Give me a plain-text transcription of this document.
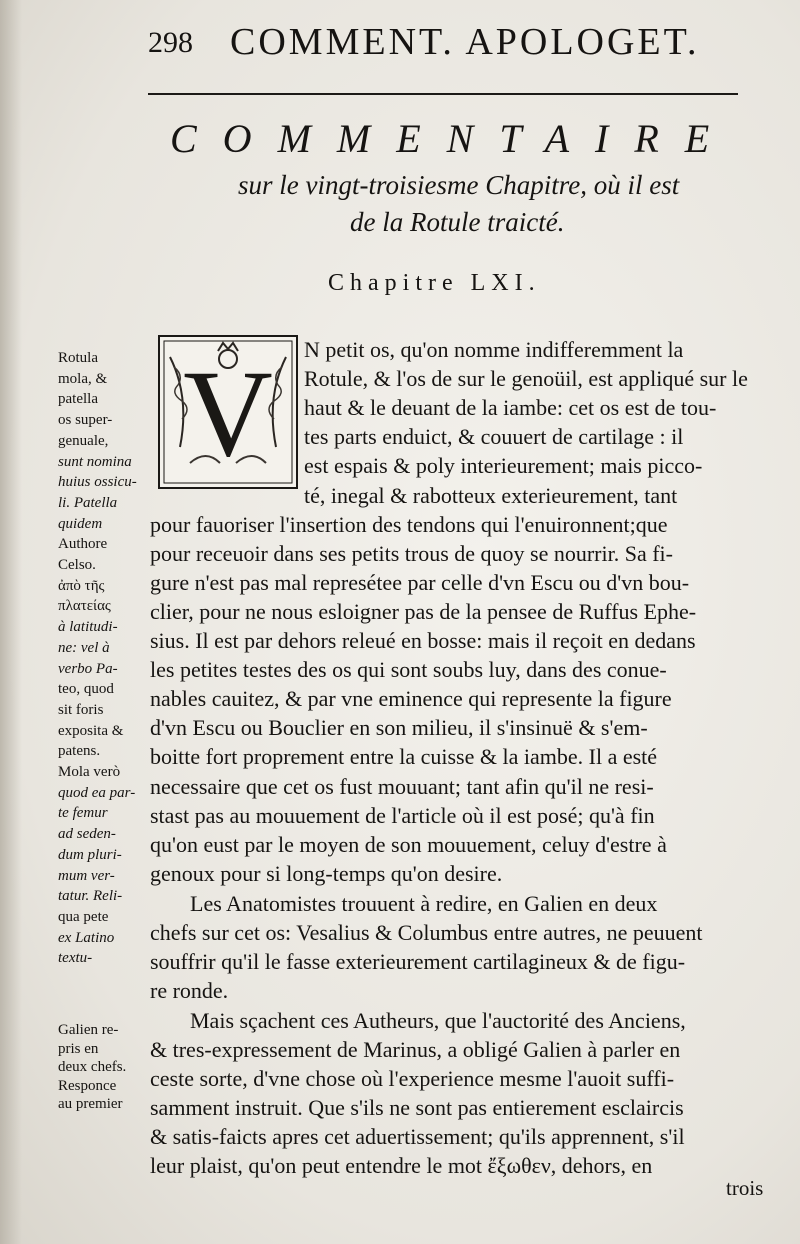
298 COMMENT. APOLOGET.
COMMENTAIRE
sur le vingt-troisiesme Chapitre, où il est
de la Rotule traicté.
Chapitre LXI.
V N petit os, qu'on nomme indifferemment la
Rotule, & l'os de sur le genoüil, est appliqué sur le
haut & le deuant de la iambe: cet os est de tou-
tes parts enduict, & couuert de cartilage : il
est espais & poly interieurement; mais picco-
té, inegal & rabotteux exterieurement, tant
pour fauoriser l'insertion des tendons qui l'enuironnent;que
pour receuoir dans ses petits trous de quoy se nourrir. Sa fi-
gure n'est pas mal represétee par celle d'vn Escu ou d'vn bou-
clier, pour ne nous esloigner pas de la pensee de Ruffus Ephe-
sius. Il est par dehors releué en bosse: mais il reçoit en dedans
les petites testes des os qui sont soubs luy, dans des conue-
nables cauitez, & par vne eminence qui represente la figure
d'vn Escu ou Bouclier en son milieu, il s'insinuë & s'em-
boitte fort proprement entre la cuisse & la iambe. Il a esté
necessaire que cet os fust mouuant; tant afin qu'il ne resi-
stast pas au mouuement de l'article où il est posé; qu'à fin
qu'on eust par le moyen de son mouuement, celuy d'estre à
genoux pour si long-temps qu'on desire.
Les Anatomistes trouuent à redire, en Galien en deux
chefs sur cet os: Vesalius & Columbus entre autres, ne peuuent
souffrir qu'il le fasse exterieurement cartilagineux & de figu-
re ronde.
Mais sçachent ces Autheurs, que l'auctorité des Anciens,
& tres-expressement de Marinus, a obligé Galien à parler en
ceste sorte, d'vne chose où l'experience mesme l'auoit suffi-
samment instruit. Que s'ils ne sont pas entierement esclaircis
& satis-faicts apres cet aduertissement; qu'ils apprennent, s'il
leur plaist, qu'on peut entendre le mot ἔξωθεν, dehors, en
Rotula
mola, &
patella
os super-
genuale,
sunt nomina
huius ossicu-
li. Patella
quidem
Authore
Celso.
ἀπὸ τῆς
πλατείας
à latitudi-
ne: vel à
verbo Pa-
teo, quod
sit foris
exposita &
patens.
Mola verò
quod ea par-
te femur
ad seden-
dum pluri-
mum ver-
tatur. Reli-
qua pete
ex Latino
textu-
Galien re-
pris en
deux chefs.
Responce
au premier
trois
